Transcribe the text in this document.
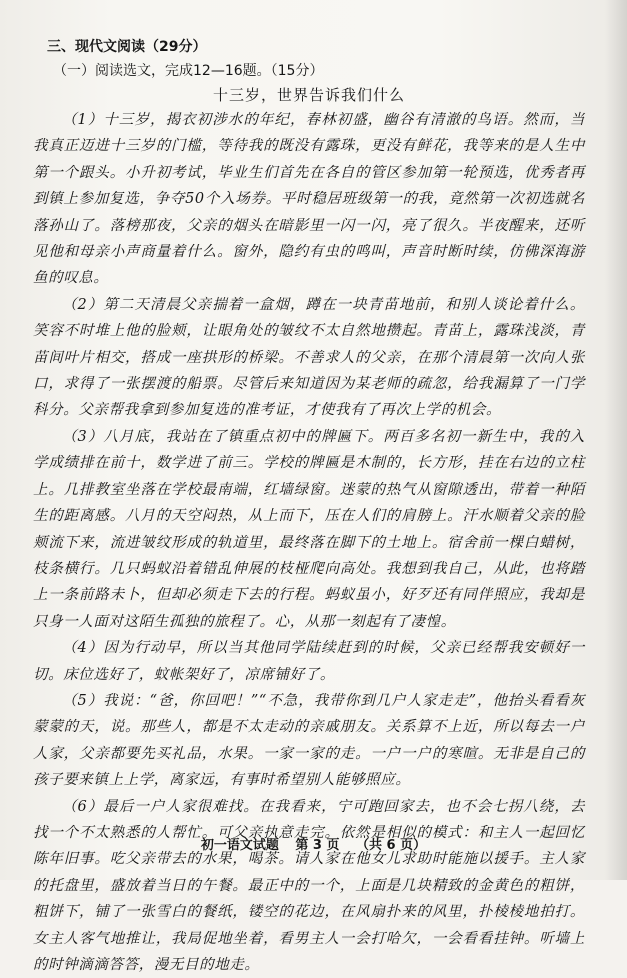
三、现代文阅读（29分）
（一）阅读选文，完成12—16题。（15分）
十三岁，世界告诉我们什么

（1）十三岁，揭衣初涉水的年纪，春林初盛，幽谷有清澈的鸟语。然而，当我真正迈进十三岁的门槛，等待我的既没有露珠，更没有鲜花，我等来的是人生中第一个跟头。小升初考试，毕业生们首先在各自的管区参加第一轮预选，优秀者再到镇上参加复选，争夺50个入场券。平时稳居班级第一的我，竟然第一次初选就名落孙山了。落榜那夜，父亲的烟头在暗影里一闪一闪，亮了很久。半夜醒来，还听见他和母亲小声商量着什么。窗外，隐约有虫的鸣叫，声音时断时续，仿佛深海游鱼的叹息。

（2）第二天清晨父亲揣着一盒烟，蹲在一块青苗地前，和别人谈论着什么。笑容不时堆上他的脸颊，让眼角处的皱纹不太自然地攒起。青苗上，露珠浅淡，青苗间叶片相交，搭成一座拱形的桥梁。不善求人的父亲，在那个清晨第一次向人张口，求得了一张摆渡的船票。尽管后来知道因为某老师的疏忽，给我漏算了一门学科分。父亲帮我拿到参加复选的准考证，才使我有了再次上学的机会。

（3）八月底，我站在了镇重点初中的牌匾下。两百多名初一新生中，我的入学成绩排在前十，数学进了前三。学校的牌匾是木制的，长方形，挂在右边的立柱上。几排教室坐落在学校最南端，红墙绿窗。迷蒙的热气从窗隙透出，带着一种陌生的距离感。八月的天空闷热，从上而下，压在人们的肩膀上。汗水顺着父亲的脸颊流下来，流进皱纹形成的轨道里，最终落在脚下的土地上。宿舍前一棵白蜡树，枝条横行。几只蚂蚁沿着错乱伸展的枝桠爬向高处。我想到我自己，从此，也将踏上一条前路未卜，但却必须走下去的行程。蚂蚁虽小，好歹还有同伴照应，我却是只身一人面对这陌生孤独的旅程了。心，从那一刻起有了凄惶。

（4）因为行动早，所以当其他同学陆续赶到的时候，父亲已经帮我安顿好一切。床位选好了，蚊帐架好了，凉席铺好了。

（5）我说：“爸，你回吧！”“不急，我带你到几户人家走走”，他抬头看看灰蒙蒙的天，说。那些人，都是不太走动的亲戚朋友。关系算不上近，所以每去一户人家，父亲都要先买礼品，水果。一家一家的走。一户一户的寒暄。无非是自己的孩子要来镇上上学，离家远，有事时希望别人能够照应。

（6）最后一户人家很难找。在我看来，宁可跑回家去，也不会七拐八绕，去找一个不太熟悉的人帮忙。可父亲执意走完。依然是相似的模式：和主人一起回忆陈年旧事。吃父亲带去的水果，喝茶。请人家在他女儿求助时能施以援手。主人家的托盘里，盛放着当日的午餐。最正中的一个，上面是几块精致的金黄色的粗饼，粗饼下，铺了一张雪白的餐纸，镂空的花边，在风扇扑来的风里，扑棱棱地拍打。女主人客气地推让，我局促地坐着，看男主人一会打哈欠，一会看看挂钟。听墙上的时钟滴滴答答，漫无目的地走。

初一语文试题 第 3 页 （共 6 页）
